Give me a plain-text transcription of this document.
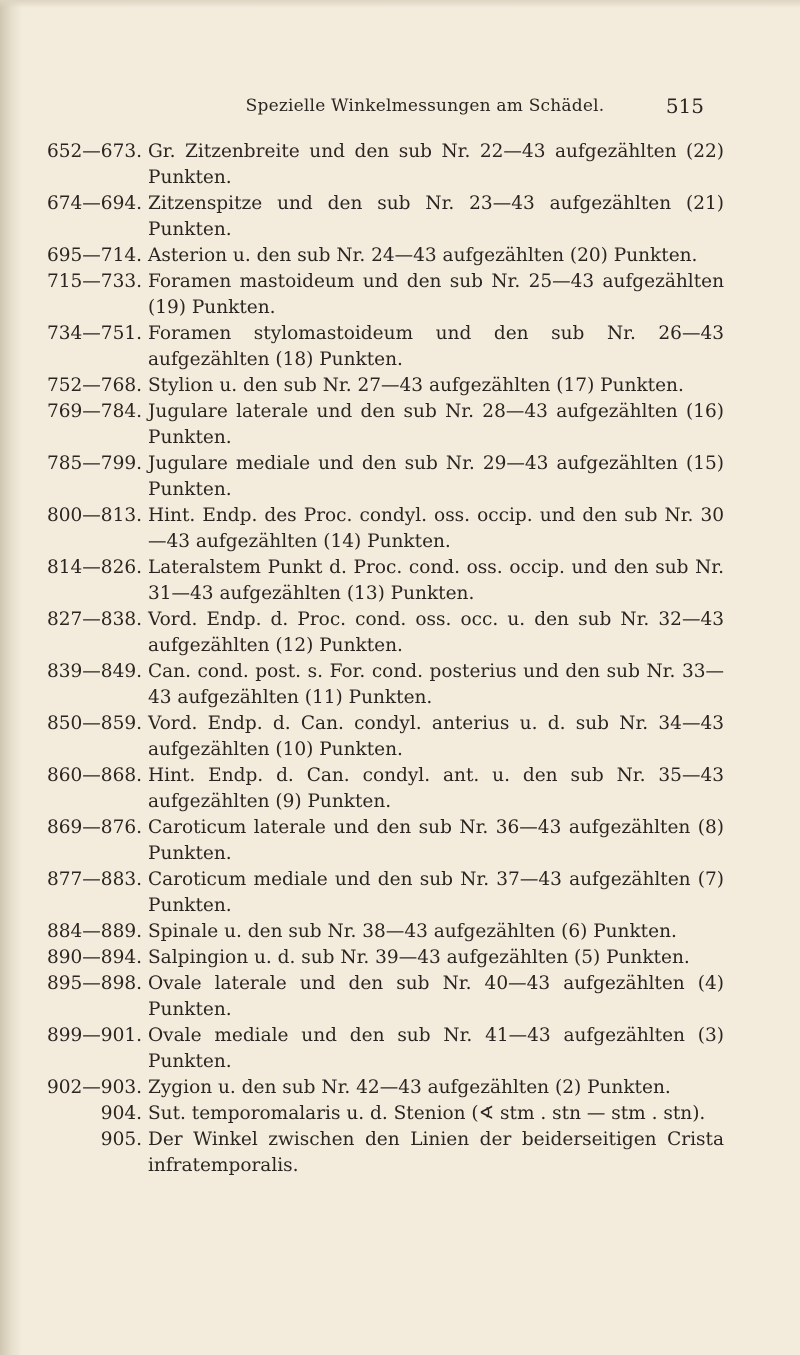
Spezielle Winkelmessungen am Schädel.	515
652—673. Gr. Zitzenbreite und den sub Nr. 22—43 aufgezählten (22) Punkten.
674—694. Zitzenspitze und den sub Nr. 23—43 aufgezählten (21) Punkten.
695—714. Asterion u. den sub Nr. 24—43 aufgezählten (20) Punkten.
715—733. Foramen mastoideum und den sub Nr. 25—43 aufgezählten (19) Punkten.
734—751. Foramen stylomastoideum und den sub Nr. 26—43 aufgezählten (18) Punkten.
752—768. Stylion u. den sub Nr. 27—43 aufgezählten (17) Punkten.
769—784. Jugulare laterale und den sub Nr. 28—43 aufgezählten (16) Punkten.
785—799. Jugulare mediale und den sub Nr. 29—43 aufgezählten (15) Punkten.
800—813. Hint. Endp. des Proc. condyl. oss. occip. und den sub Nr. 30—43 aufgezählten (14) Punkten.
814—826. Lateralstem Punkt d. Proc. cond. oss. occip. und den sub Nr. 31—43 aufgezählten (13) Punkten.
827—838. Vord. Endp. d. Proc. cond. oss. occ. u. den sub Nr. 32—43 aufgezählten (12) Punkten.
839—849. Can. cond. post. s. For. cond. posterius und den sub Nr. 33—43 aufgezählten (11) Punkten.
850—859. Vord. Endp. d. Can. condyl. anterius u. d. sub Nr. 34—43 aufgezählten (10) Punkten.
860—868. Hint. Endp. d. Can. condyl. ant. u. den sub Nr. 35—43 aufgezählten (9) Punkten.
869—876. Caroticum laterale und den sub Nr. 36—43 aufgezählten (8) Punkten.
877—883. Caroticum mediale und den sub Nr. 37—43 aufgezählten (7) Punkten.
884—889. Spinale u. den sub Nr. 38—43 aufgezählten (6) Punkten.
890—894. Salpingion u. d. sub Nr. 39—43 aufgezählten (5) Punkten.
895—898. Ovale laterale und den sub Nr. 40—43 aufgezählten (4) Punkten.
899—901. Ovale mediale und den sub Nr. 41—43 aufgezählten (3) Punkten.
902—903. Zygion u. den sub Nr. 42—43 aufgezählten (2) Punkten.
904. Sut. temporomalaris u. d. Stenion (∢ stm . stn — stm . stn).
905. Der Winkel zwischen den Linien der beiderseitigen Crista infratemporalis.
